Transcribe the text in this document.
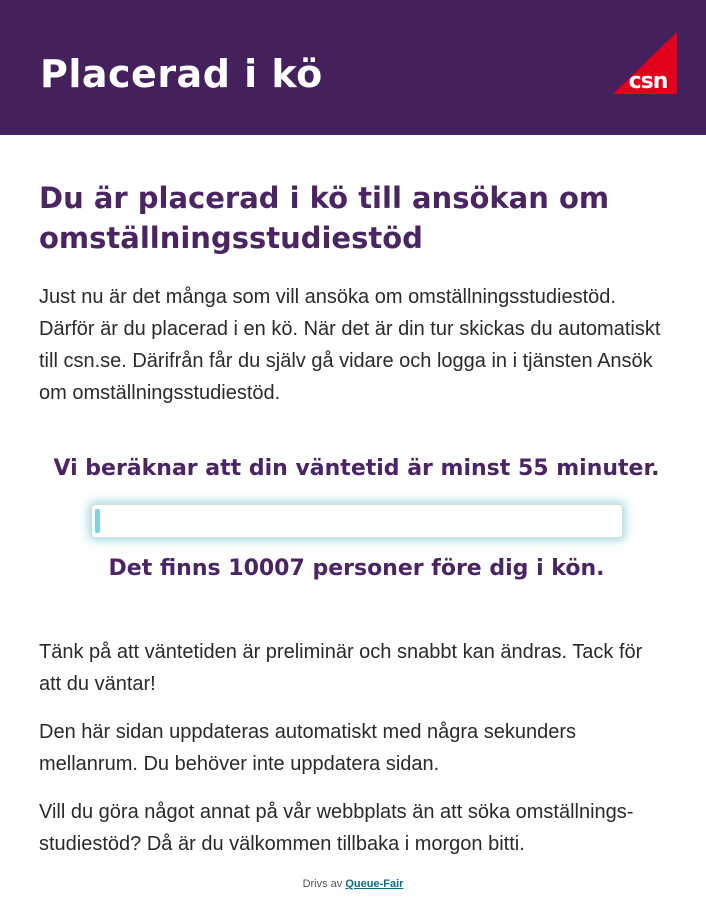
Placerad i kö	csn
Du är placerad i kö till ansökan om omställningsstudiestöd

Just nu är det många som vill ansöka om omställningsstudiestöd. Därför är du placerad i en kö. När det är din tur skickas du automatiskt till csn.se. Därifrån får du själv gå vidare och logga in i tjänsten Ansök om omställningsstudiestöd.

Vi beräknar att din väntetid är minst 55 minuter.
Det finns 10007 personer före dig i kön.

Tänk på att väntetiden är preliminär och snabbt kan ändras. Tack för att du väntar!

Den här sidan uppdateras automatiskt med några sekunders mellanrum. Du behöver inte uppdatera sidan.

Vill du göra något annat på vår webbplats än att söka omställnings-studiestöd? Då är du välkommen tillbaka i morgon bitti.

Drivs av Queue-Fair
